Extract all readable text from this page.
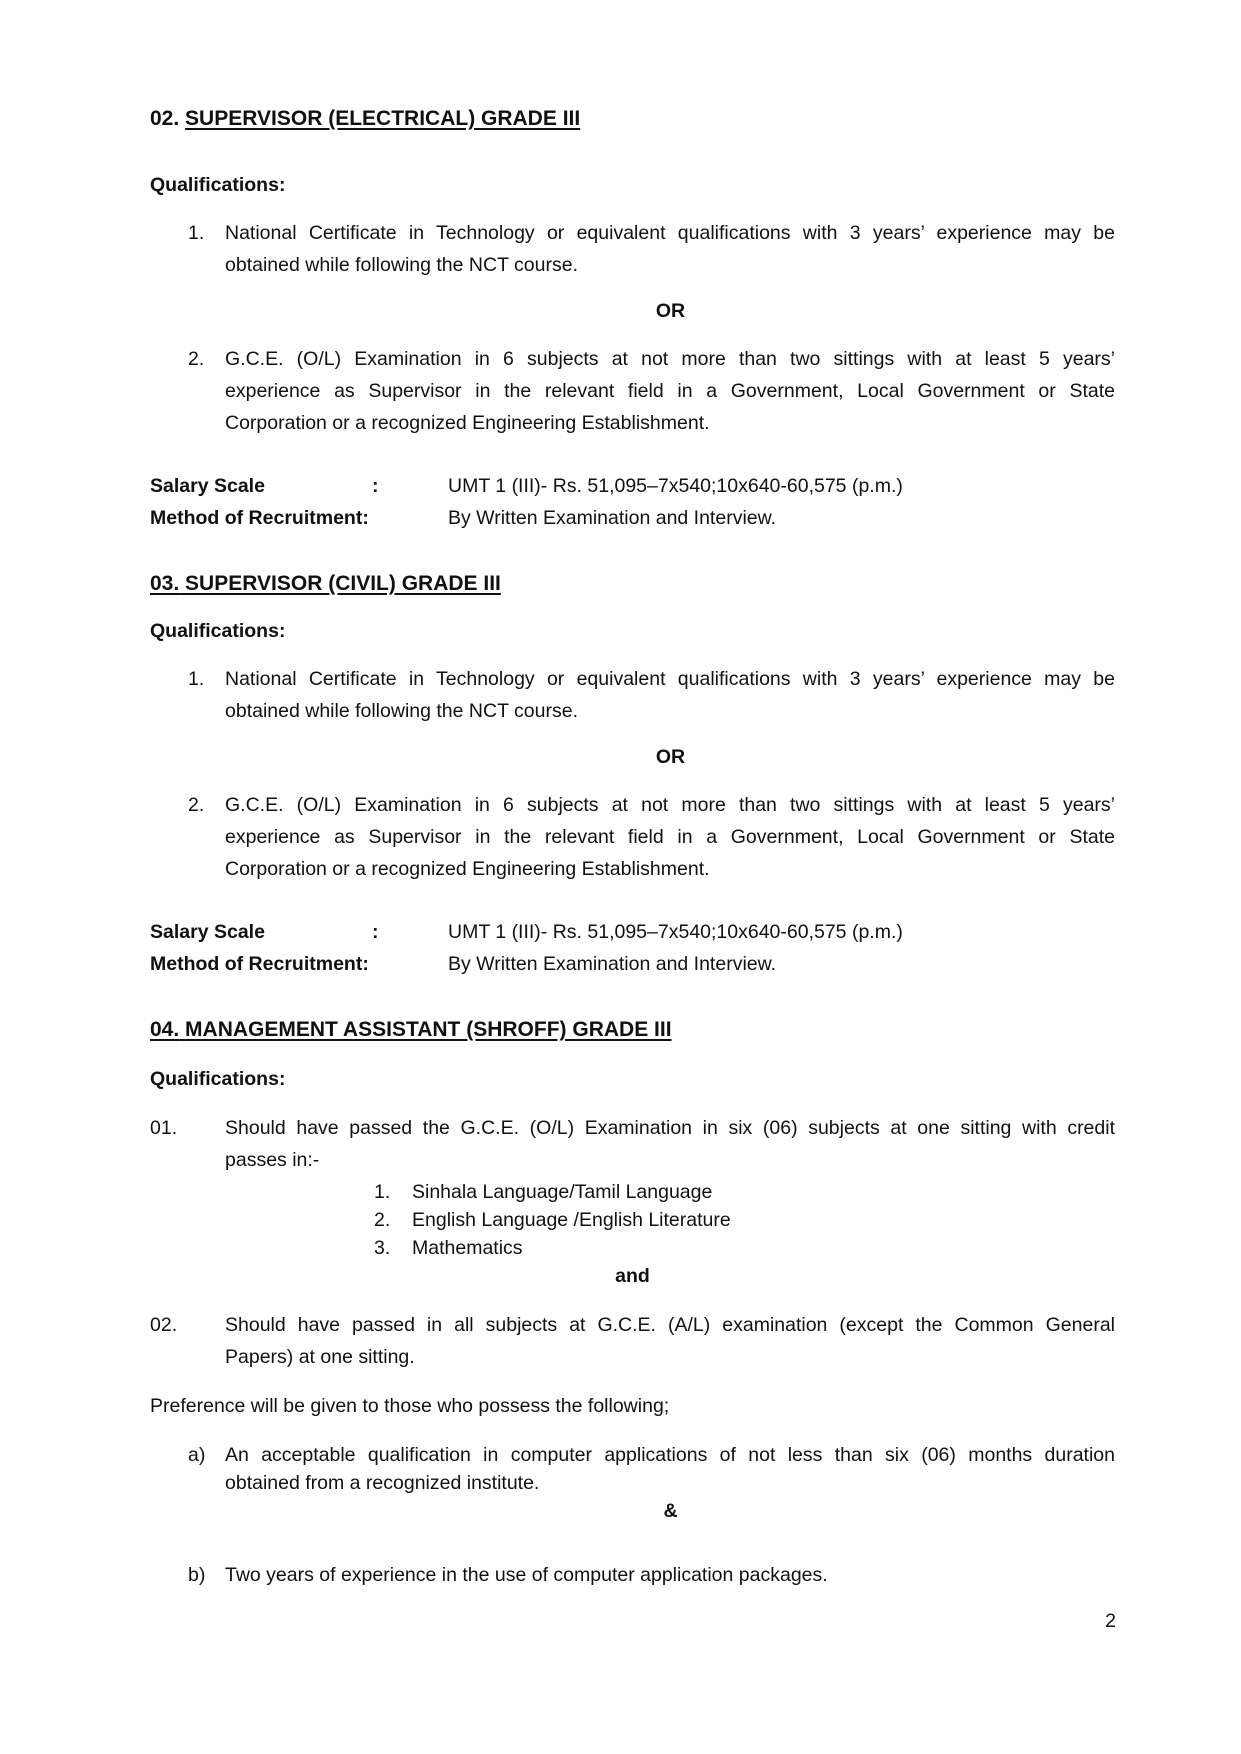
02. SUPERVISOR (ELECTRICAL) GRADE III
Qualifications:
1. National Certificate in Technology or equivalent qualifications with 3 years’ experience may be
obtained while following the NCT course.
OR
2. G.C.E. (O/L) Examination in 6 subjects at not more than two sittings with at least 5 years’
experience as Supervisor in the relevant field in a Government, Local Government or State
Corporation or a recognized Engineering Establishment.
Salary Scale	:	UMT 1 (III)- Rs. 51,095–7x540;10x640-60,575 (p.m.)
Method of Recruitment:	By Written Examination and Interview.
03. SUPERVISOR (CIVIL) GRADE III
Qualifications:
1. National Certificate in Technology or equivalent qualifications with 3 years’ experience may be
obtained while following the NCT course.
OR
2. G.C.E. (O/L) Examination in 6 subjects at not more than two sittings with at least 5 years’
experience as Supervisor in the relevant field in a Government, Local Government or State
Corporation or a recognized Engineering Establishment.
Salary Scale	:	UMT 1 (III)- Rs. 51,095–7x540;10x640-60,575 (p.m.)
Method of Recruitment:	By Written Examination and Interview.
04. MANAGEMENT ASSISTANT (SHROFF) GRADE III
Qualifications:
01. Should have passed the G.C.E. (O/L) Examination in six (06) subjects at one sitting with credit
passes in:-
1. Sinhala Language/Tamil Language
2. English Language /English Literature
3. Mathematics
and
02. Should have passed in all subjects at G.C.E. (A/L) examination (except the Common General
Papers) at one sitting.
Preference will be given to those who possess the following;
a) An acceptable qualification in computer applications of not less than six (06) months duration
obtained from a recognized institute.
&
b) Two years of experience in the use of computer application packages.
2
